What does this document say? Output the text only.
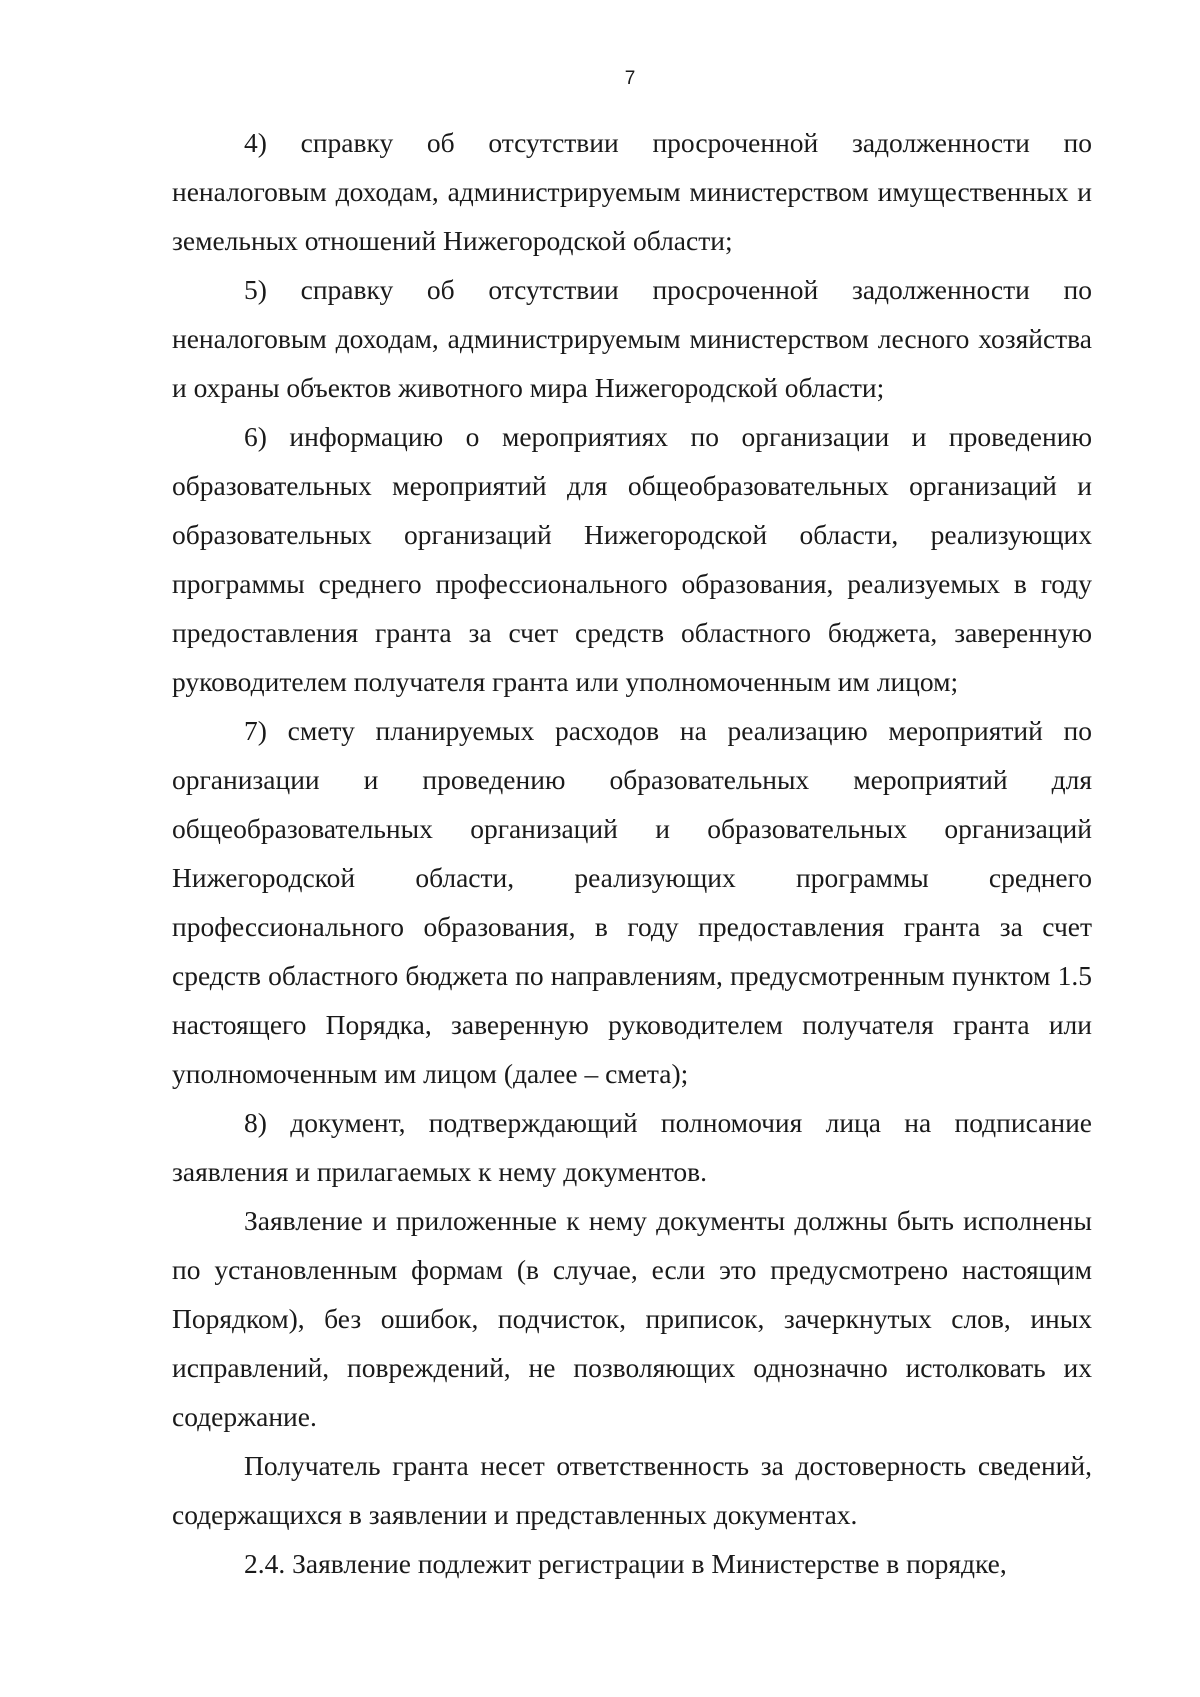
7

4) справку об отсутствии просроченной задолженности по неналоговым доходам, администрируемым министерством имущественных и земельных отношений Нижегородской области;

5) справку об отсутствии просроченной задолженности по неналоговым доходам, администрируемым министерством лесного хозяйства и охраны объектов животного мира Нижегородской области;

6) информацию о мероприятиях по организации и проведению образовательных мероприятий для общеобразовательных организаций и образовательных организаций Нижегородской области, реализующих программы среднего профессионального образования, реализуемых в году предоставления гранта за счет средств областного бюджета, заверенную руководителем получателя гранта или уполномоченным им лицом;

7) смету планируемых расходов на реализацию мероприятий по организации и проведению образовательных мероприятий для общеобразовательных организаций и образовательных организаций Нижегородской области, реализующих программы среднего профессионального образования, в году предоставления гранта за счет средств областного бюджета по направлениям, предусмотренным пунктом 1.5 настоящего Порядка, заверенную руководителем получателя гранта или уполномоченным им лицом (далее – смета);

8) документ, подтверждающий полномочия лица на подписание заявления и прилагаемых к нему документов.

Заявление и приложенные к нему документы должны быть исполнены по установленным формам (в случае, если это предусмотрено настоящим Порядком), без ошибок, подчисток, приписок, зачеркнутых слов, иных исправлений, повреждений, не позволяющих однозначно истолковать их содержание.

Получатель гранта несет ответственность за достоверность сведений, содержащихся в заявлении и представленных документах.

2.4. Заявление подлежит регистрации в Министерстве в порядке,
